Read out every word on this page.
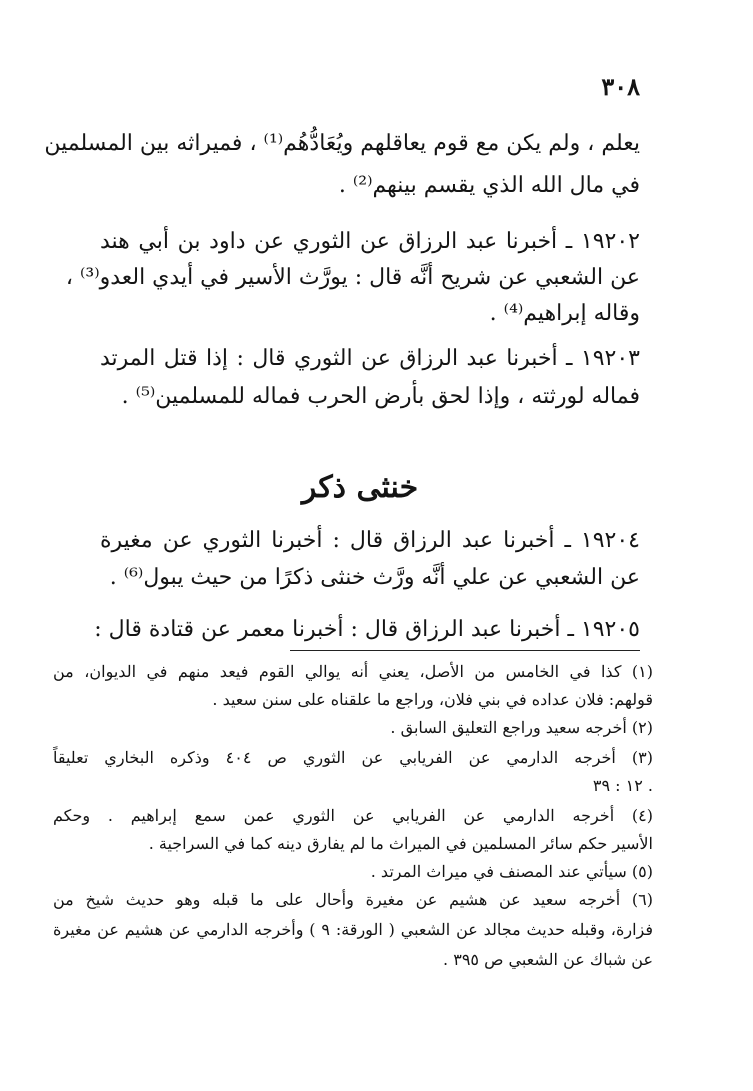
٣٠٨
يعلم ، ولم يكن مع قوم يعاقلهم ويُعَادُّهُم⁽¹⁾ ، فميراثه بين المسلمين
في مال الله الذي يقسم بينهم⁽²⁾ .
١٩٢٠٢ ـ أخبرنا عبد الرزاق عن الثوري عن داود بن أبي هند
عن الشعبي عن شريح أنَّه قال : يورَّث الأسير في أيدي العدو⁽³⁾ ،
وقاله إبراهيم⁽⁴⁾ .
١٩٢٠٣ ـ أخبرنا عبد الرزاق عن الثوري قال : إذا قتل المرتد
فماله لورثته ، وإذا لحق بأرض الحرب فماله للمسلمين⁽⁵⁾ .
خنثى ذكر
١٩٢٠٤ ـ أخبرنا عبد الرزاق قال : أخبرنا الثوري عن مغيرة
عن الشعبي عن علي أنَّه ورَّث خنثى ذكرًا من حيث يبول⁽⁶⁾ .
١٩٢٠٥ ـ أخبرنا عبد الرزاق قال : أخبرنا معمر عن قتادة قال :
(١) كذا في الخامس من الأصل، يعني أنه يوالي القوم فيعد منهم في الديوان، من
قولهم: فلان عداده في بني فلان، وراجع ما علقناه على سنن سعيد .
(٢) أخرجه سعيد وراجع التعليق السابق .
(٣) أخرجه الدارمي عن الفريابي عن الثوري ص ٤٠٤ وذكره البخاري تعليقاً
. ١٢ : ٣٩
(٤) أخرجه الدارمي عن الفريابي عن الثوري عمن سمع إبراهيم . وحكم
الأسير حكم سائر المسلمين في الميراث ما لم يفارق دينه كما في السراجية .
(٥) سيأتي عند المصنف في ميراث المرتد .
(٦) أخرجه سعيد عن هشيم عن مغيرة وأحال على ما قبله وهو حديث شيخ من
فزارة، وقبله حديث مجالد عن الشعبي ( الورقة: ٩ ) وأخرجه الدارمي عن هشيم عن مغيرة
عن شباك عن الشعبي ص ٣٩٥ .
